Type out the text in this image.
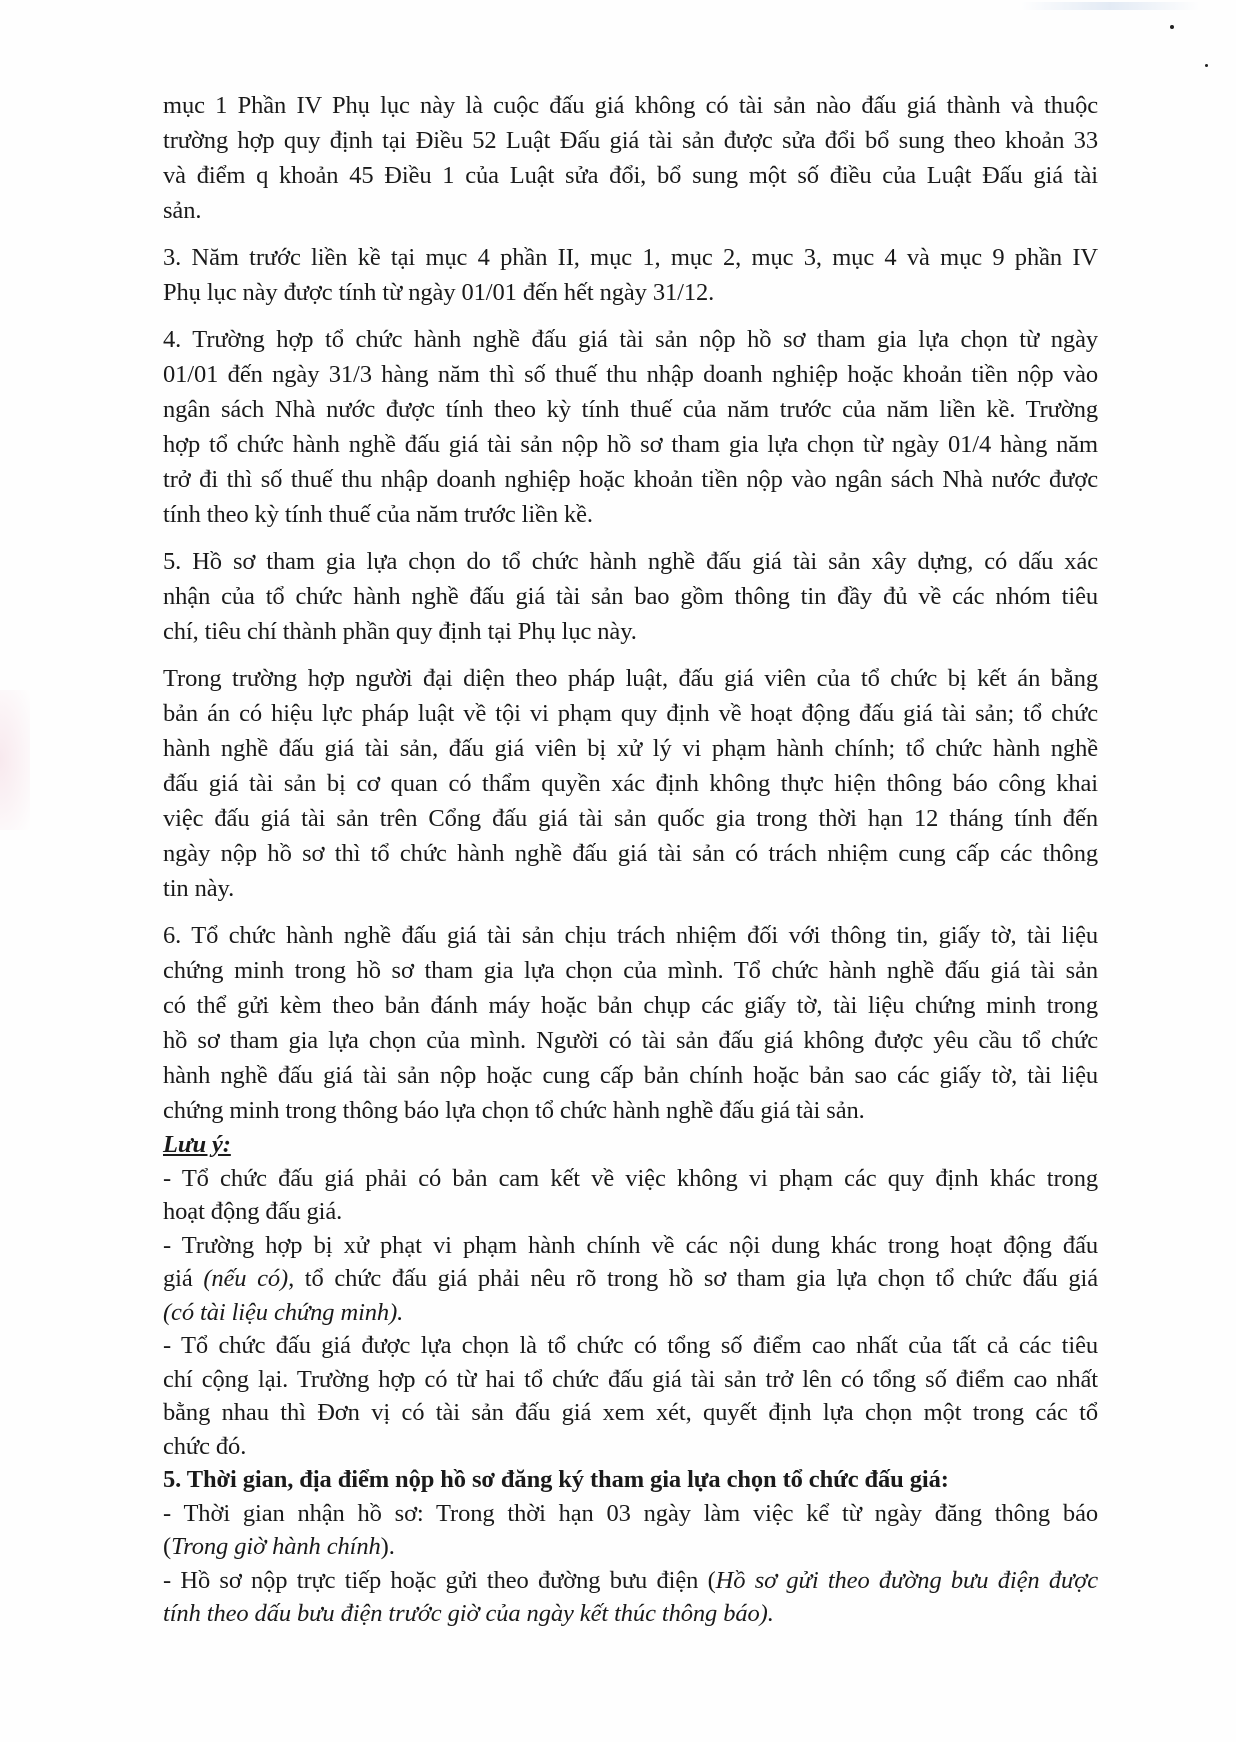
mục 1 Phần IV Phụ lục này là cuộc đấu giá không có tài sản nào đấu giá thành và thuộc
trường hợp quy định tại Điều 52 Luật Đấu giá tài sản được sửa đổi bổ sung theo khoản 33
và điểm q khoản 45 Điều 1 của Luật sửa đổi, bổ sung một số điều của Luật Đấu giá tài
sản.
3. Năm trước liền kề tại mục 4 phần II, mục 1, mục 2, mục 3, mục 4 và mục 9 phần IV
Phụ lục này được tính từ ngày 01/01 đến hết ngày 31/12.
4. Trường hợp tổ chức hành nghề đấu giá tài sản nộp hồ sơ tham gia lựa chọn từ ngày
01/01 đến ngày 31/3 hàng năm thì số thuế thu nhập doanh nghiệp hoặc khoản tiền nộp vào
ngân sách Nhà nước được tính theo kỳ tính thuế của năm trước của năm liền kề. Trường
hợp tổ chức hành nghề đấu giá tài sản nộp hồ sơ tham gia lựa chọn từ ngày 01/4 hàng năm
trở đi thì số thuế thu nhập doanh nghiệp hoặc khoản tiền nộp vào ngân sách Nhà nước được
tính theo kỳ tính thuế của năm trước liền kề.
5. Hồ sơ tham gia lựa chọn do tổ chức hành nghề đấu giá tài sản xây dựng, có dấu xác
nhận của tổ chức hành nghề đấu giá tài sản bao gồm thông tin đầy đủ về các nhóm tiêu
chí, tiêu chí thành phần quy định tại Phụ lục này.
Trong trường hợp người đại diện theo pháp luật, đấu giá viên của tổ chức bị kết án bằng
bản án có hiệu lực pháp luật về tội vi phạm quy định về hoạt động đấu giá tài sản; tổ chức
hành nghề đấu giá tài sản, đấu giá viên bị xử lý vi phạm hành chính; tổ chức hành nghề
đấu giá tài sản bị cơ quan có thẩm quyền xác định không thực hiện thông báo công khai
việc đấu giá tài sản trên Cổng đấu giá tài sản quốc gia trong thời hạn 12 tháng tính đến
ngày nộp hồ sơ thì tổ chức hành nghề đấu giá tài sản có trách nhiệm cung cấp các thông
tin này.
6. Tổ chức hành nghề đấu giá tài sản chịu trách nhiệm đối với thông tin, giấy tờ, tài liệu
chứng minh trong hồ sơ tham gia lựa chọn của mình. Tổ chức hành nghề đấu giá tài sản
có thể gửi kèm theo bản đánh máy hoặc bản chụp các giấy tờ, tài liệu chứng minh trong
hồ sơ tham gia lựa chọn của mình. Người có tài sản đấu giá không được yêu cầu tổ chức
hành nghề đấu giá tài sản nộp hoặc cung cấp bản chính hoặc bản sao các giấy tờ, tài liệu
chứng minh trong thông báo lựa chọn tổ chức hành nghề đấu giá tài sản.
Lưu ý:
- Tổ chức đấu giá phải có bản cam kết về việc không vi phạm các quy định khác trong
hoạt động đấu giá.
- Trường hợp bị xử phạt vi phạm hành chính về các nội dung khác trong hoạt động đấu
giá (nếu có), tổ chức đấu giá phải nêu rõ trong hồ sơ tham gia lựa chọn tổ chức đấu giá
(có tài liệu chứng minh).
- Tổ chức đấu giá được lựa chọn là tổ chức có tổng số điểm cao nhất của tất cả các tiêu
chí cộng lại. Trường hợp có từ hai tổ chức đấu giá tài sản trở lên có tổng số điểm cao nhất
bằng nhau thì Đơn vị có tài sản đấu giá xem xét, quyết định lựa chọn một trong các tổ
chức đó.
5. Thời gian, địa điểm nộp hồ sơ đăng ký tham gia lựa chọn tổ chức đấu giá:
- Thời gian nhận hồ sơ: Trong thời hạn 03 ngày làm việc kể từ ngày đăng thông báo
(Trong giờ hành chính).
- Hồ sơ nộp trực tiếp hoặc gửi theo đường bưu điện (Hồ sơ gửi theo đường bưu điện được
tính theo dấu bưu điện trước giờ của ngày kết thúc thông báo).
